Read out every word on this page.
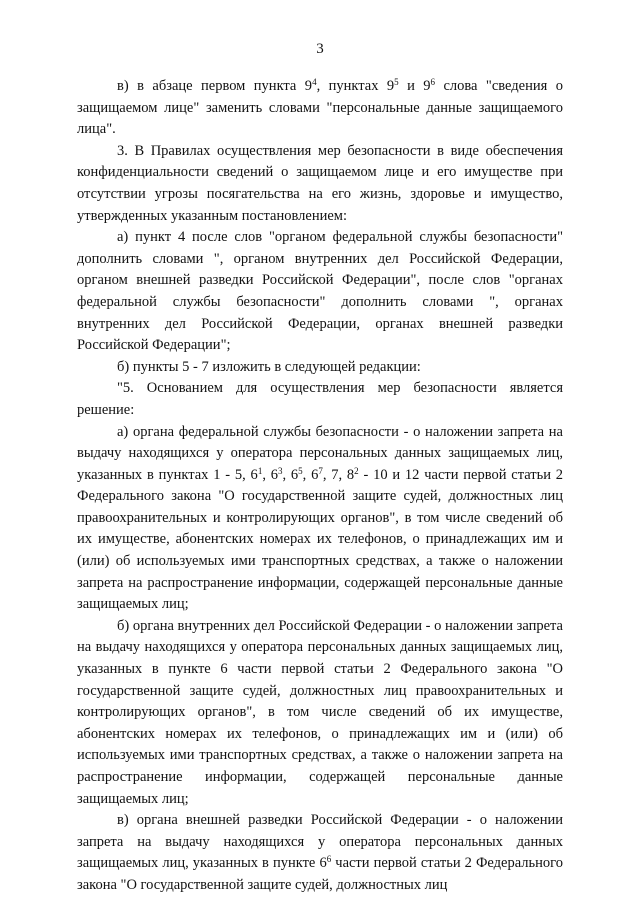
3

в) в абзаце первом пункта $9^4$, пунктах $9^5$ и $9^6$ слова "сведения о защищаемом лице" заменить словами "персональные данные защищаемого лица".

3. В Правилах осуществления мер безопасности в виде обеспечения конфиденциальности сведений о защищаемом лице и его имуществе при отсутствии угрозы посягательства на его жизнь, здоровье и имущество, утвержденных указанным постановлением:

а) пункт 4 после слов "органом федеральной службы безопасности" дополнить словами ", органом внутренних дел Российской Федерации, органом внешней разведки Российской Федерации", после слов "органах федеральной службы безопасности" дополнить словами ", органах внутренних дел Российской Федерации, органах внешней разведки Российской Федерации";

б) пункты 5 - 7 изложить в следующей редакции:

"5. Основанием для осуществления мер безопасности является решение:

а) органа федеральной службы безопасности - о наложении запрета на выдачу находящихся у оператора персональных данных защищаемых лиц, указанных в пунктах 1 - 5, $6^1$, $6^3$, $6^5$, $6^7$, 7, $8^2 - 10$ и 12 части первой статьи 2 Федерального закона "О государственной защите судей, должностных лиц правоохранительных и контролирующих органов", в том числе сведений об их имуществе, абонентских номерах их телефонов, о принадлежащих им и (или) об используемых ими транспортных средствах, а также о наложении запрета на распространение информации, содержащей персональные данные защищаемых лиц;

б) органа внутренних дел Российской Федерации - о наложении запрета на выдачу находящихся у оператора персональных данных защищаемых лиц, указанных в пункте 6 части первой статьи 2 Федерального закона "О государственной защите судей, должностных лиц правоохранительных и контролирующих органов", в том числе сведений об их имуществе, абонентских номерах их телефонов, о принадлежащих им и (или) об используемых ими транспортных средствах, а также о наложении запрета на распространение информации, содержащей персональные данные защищаемых лиц;

в) органа внешней разведки Российской Федерации - о наложении запрета на выдачу находящихся у оператора персональных данных защищаемых лиц, указанных в пункте $6^6$ части первой статьи 2 Федерального закона "О государственной защите судей, должностных лиц
